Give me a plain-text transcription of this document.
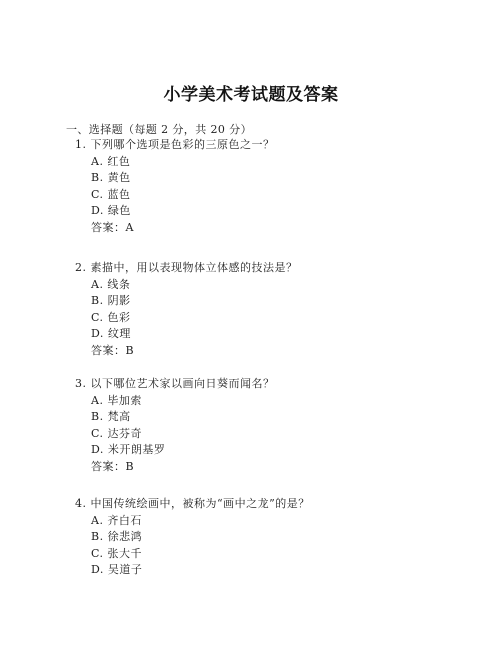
小学美术考试题及答案
一、选择题（每题 2 分，共 20 分）
1. 下列哪个选项是色彩的三原色之一？
A. 红色
B. 黄色
C. 蓝色
D. 绿色
答案：A
2. 素描中，用以表现物体立体感的技法是？
A. 线条
B. 阴影
C. 色彩
D. 纹理
答案：B
3. 以下哪位艺术家以画向日葵而闻名？
A. 毕加索
B. 梵高
C. 达芬奇
D. 米开朗基罗
答案：B
4. 中国传统绘画中，被称为“画中之龙”的是？
A. 齐白石
B. 徐悲鸿
C. 张大千
D. 吴道子
